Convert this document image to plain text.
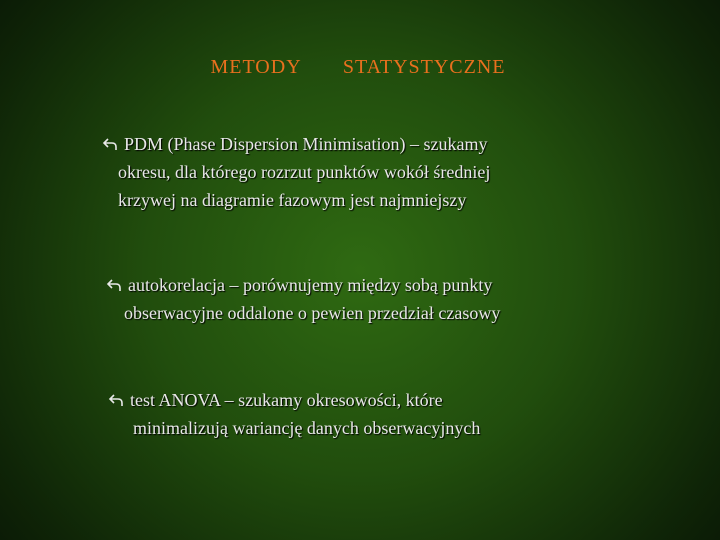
METODY   STATYSTYCZNE
PDM (Phase Dispersion Minimisation) – szukamy
okresu, dla którego rozrzut punktów wokół średniej
krzywej na diagramie fazowym jest najmniejszy
autokorelacja – porównujemy między sobą punkty
obserwacyjne oddalone o pewien przedział czasowy
test ANOVA – szukamy okresowości, które
minimalizują wariancję danych obserwacyjnych
